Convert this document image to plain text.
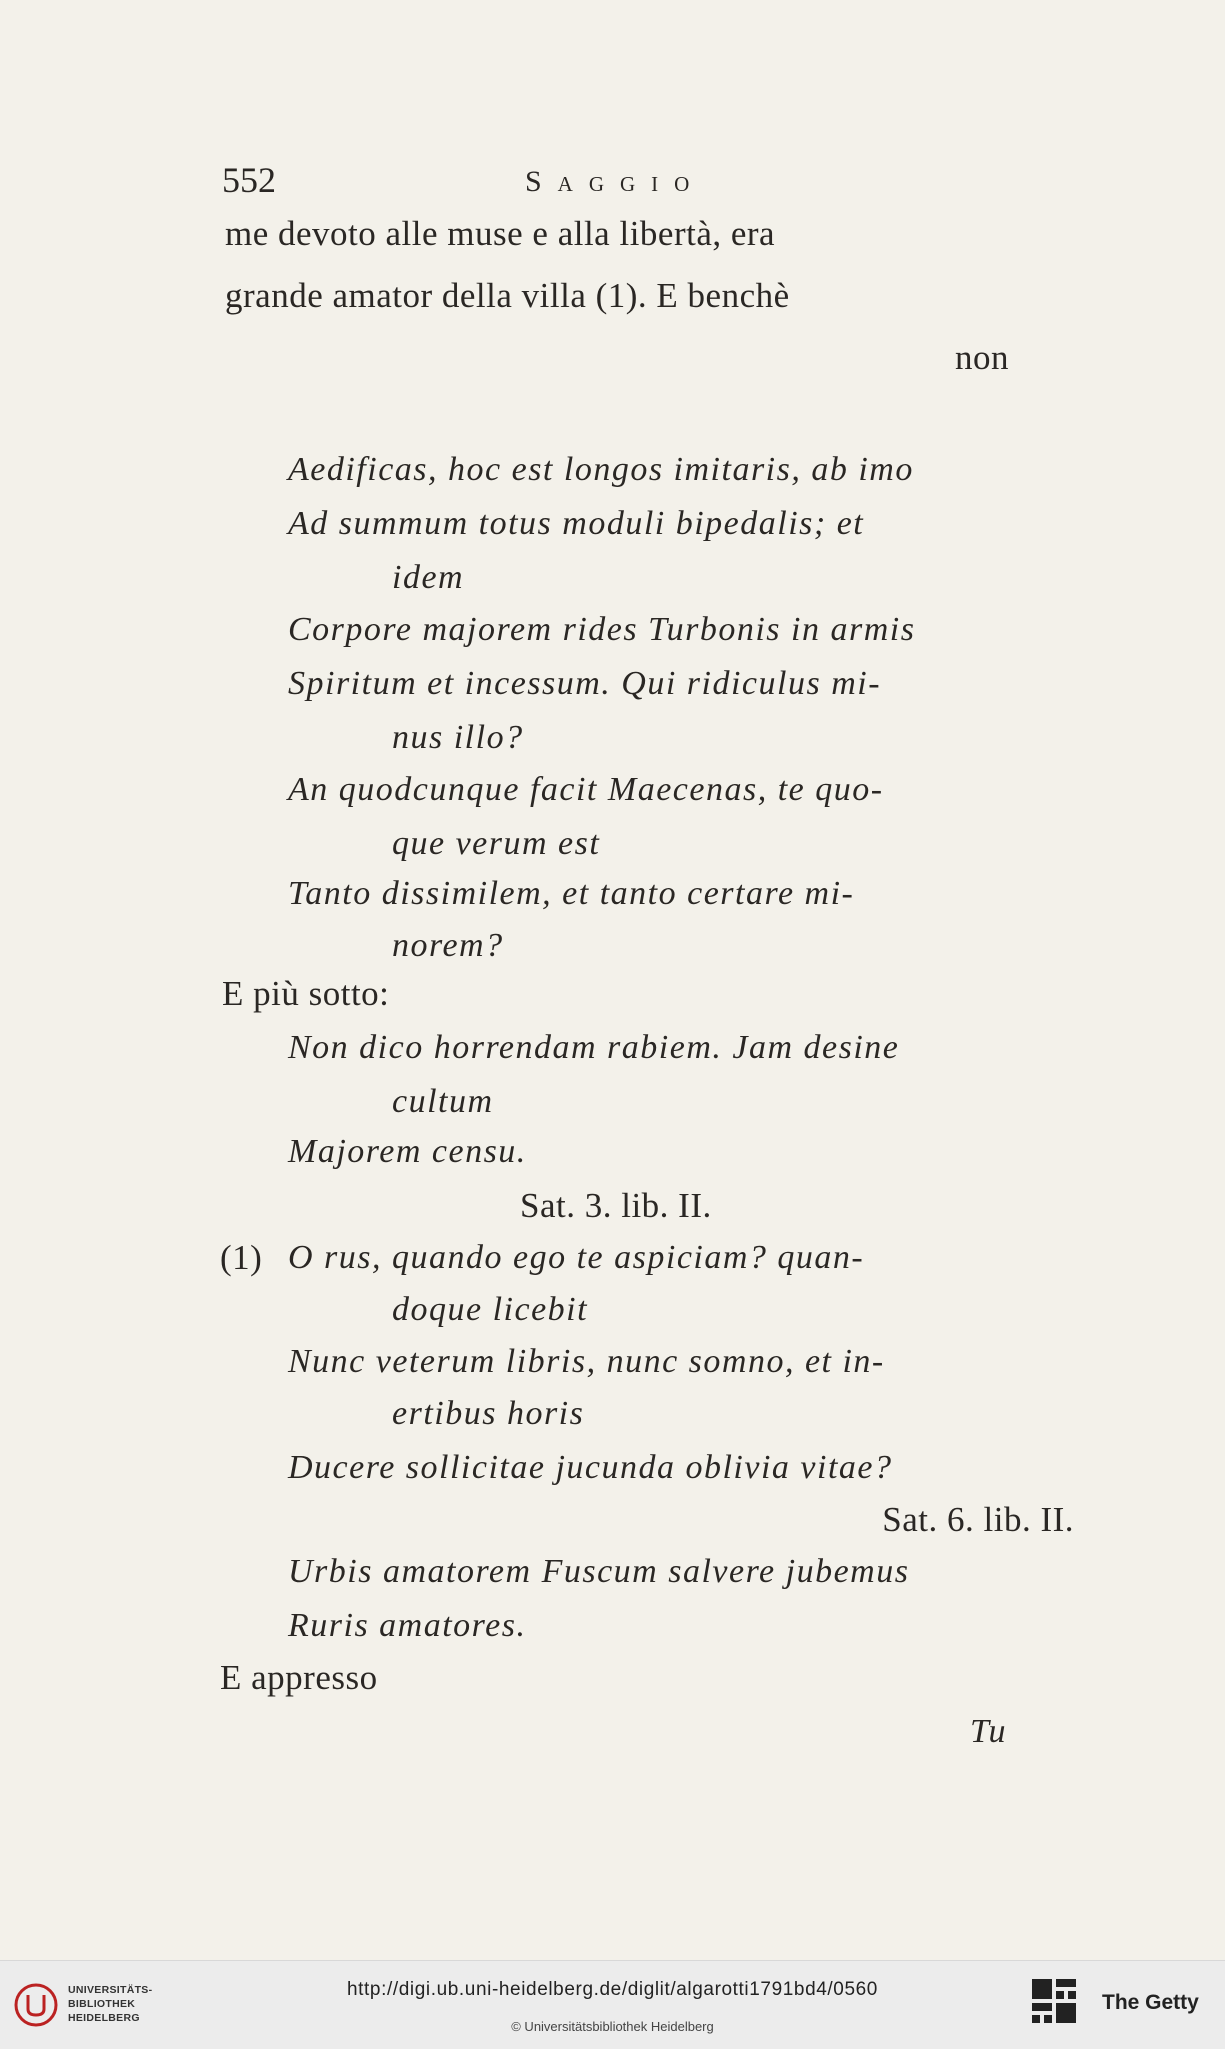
552	Saggio
me devoto alle muse e alla libertà, era
grande amator della villa (1). E benchè
non
Aedificas, hoc est longos imitaris, ab imo
Ad summum totus moduli bipedalis; et
idem
Corpore majorem rides Turbonis in armis
Spiritum et incessum. Qui ridiculus mi-
nus illo?
An quodcunque facit Maecenas, te quo-
que verum est
Tanto dissimilem, et tanto certare mi-
norem?
E più sotto:
Non dico horrendam rabiem. Jam desine
cultum
Majorem censu.
Sat. 3. lib. II.
(1) O rus, quando ego te aspiciam? quan-
doque licebit
Nunc veterum libris, nunc somno, et in-
ertibus horis
Ducere sollicitae jucunda oblivia vitae?
Sat. 6. lib. II.
Urbis amatorem Fuscum salvere jubemus
Ruris amatores.
E appresso
Tu
UNIVERSITÄTS-
BIBLIOTHEK
HEIDELBERG
http://digi.ub.uni-heidelberg.de/diglit/algarotti1791bd4/0560
© Universitätsbibliothek Heidelberg
The Getty
